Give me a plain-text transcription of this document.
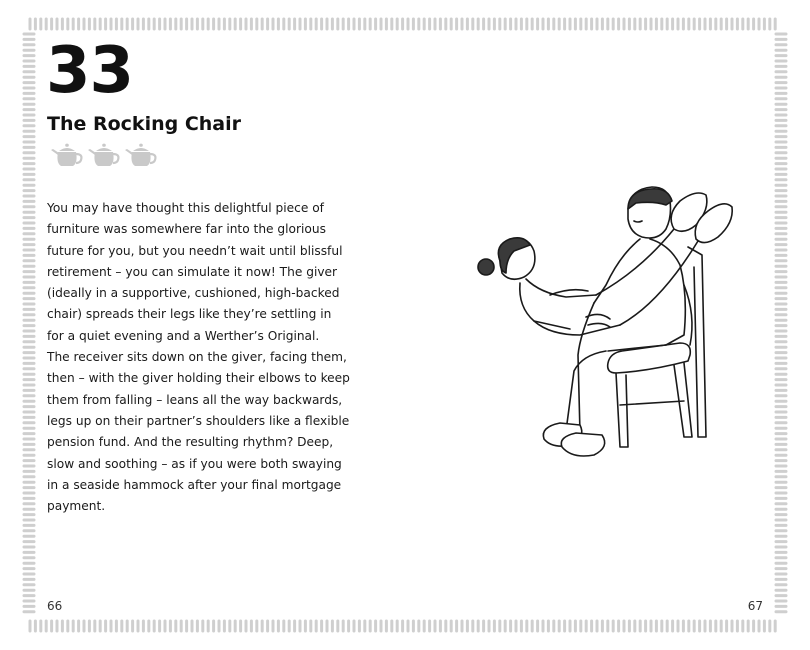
33
The Rocking Chair
You may have thought this delightful piece of
furniture was somewhere far into the glorious
future for you, but you needn’t wait until blissful
retirement – you can simulate it now! The giver
(ideally in a supportive, cushioned, high-backed
chair) spreads their legs like they’re settling in
for a quiet evening and a Werther’s Original.
The receiver sits down on the giver, facing them,
then – with the giver holding their elbows to keep
them from falling – leans all the way backwards,
legs up on their partner’s shoulders like a flexible
pension fund. And the resulting rhythm? Deep,
slow and soothing – as if you were both swaying
in a seaside hammock after your final mortgage
payment.
66	67
